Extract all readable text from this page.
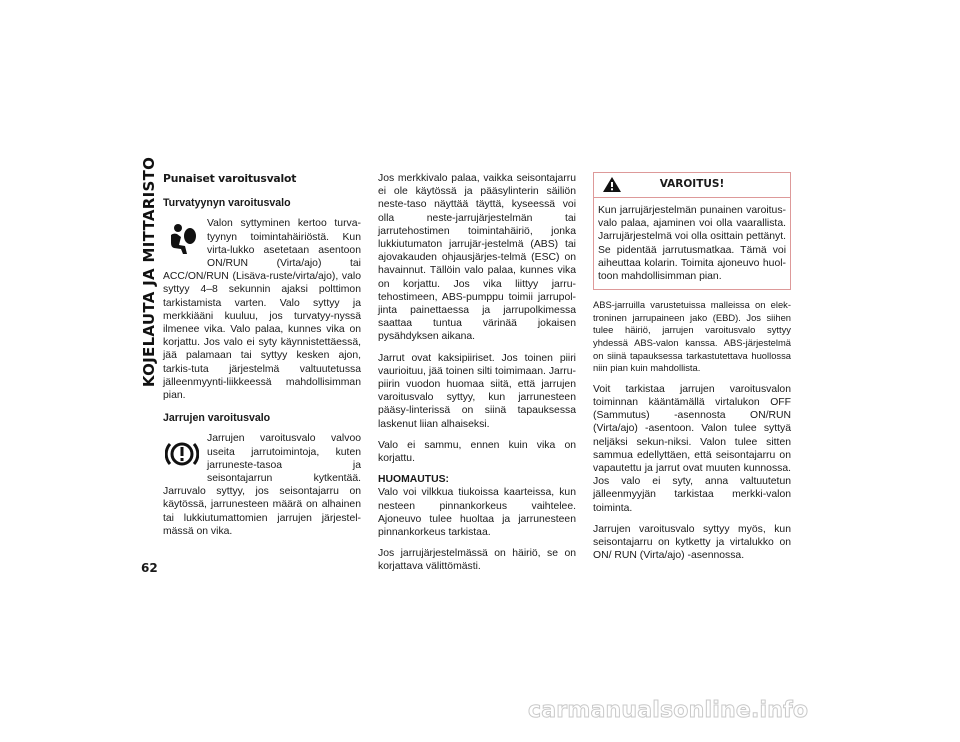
KOJELAUTA JA MITTARISTO
62
Punaiset varoitusvalot
Turvatyynyn varoitusvalo

Valon syttyminen kertoo turva-tyynyn toimintahäiriöstä. Kun virta-lukko asetetaan asentoon ON/RUN (Virta/ajo) tai ACC/ON/RUN (Lisäva-ruste/virta/ajo), valo syttyy 4–8 sekunnin ajaksi polttimon tarkistamista varten. Valo syttyy ja merkkiääni kuuluu, jos turvatyy-nyssä ilmenee vika. Valo palaa, kunnes vika on korjattu. Jos valo ei syty käynnistettäessä, jää palamaan tai syttyy kesken ajon, tarkis-tuta järjestelmä valtuutetussa jälleenmyynti-liikkeessä mahdollisimman pian.

Jarrujen varoitusvalo

Jarrujen varoitusvalo valvoo useita jarrutoimintoja, kuten jarruneste-tasoa ja seisontajarrun kytkentää. Jarruvalo syttyy, jos seisontajarru on käytössä, jarrunesteen määrä on alhainen tai lukkiutumattomien jarrujen järjestel-mässä on vika.

Jos merkkivalo palaa, vaikka seisontajarru ei ole käytössä ja pääsylinterin säiliön neste-taso näyttää täyttä, kyseessä voi olla neste-jarrujärjestelmän tai jarrutehostimen toimintahäiriö, jonka lukkiutumaton jarrujär-jestelmä (ABS) tai ajovakauden ohjausjärjes-telmä (ESC) on havainnut. Tällöin valo palaa, kunnes vika on korjattu. Jos vika liittyy jarru-tehostimeen, ABS-pumppu toimii jarrupol-jinta painettaessa ja jarrupolkimessa saattaa tuntua värinää jokaisen pysähdyksen aikana.

Jarrut ovat kaksipiiriset. Jos toinen piiri vaurioituu, jää toinen silti toimimaan. Jarru-piirin vuodon huomaa siitä, että jarrujen varoitusvalo syttyy, kun jarrunesteen pääsy-linterissä on siinä tapauksessa laskenut liian alhaiseksi.

Valo ei sammu, ennen kuin vika on korjattu.

HUOMAUTUS:
Valo voi vilkkua tiukoissa kaarteissa, kun nesteen pinnankorkeus vaihtelee. Ajoneuvo tulee huoltaa ja jarrunesteen pinnankorkeus tarkistaa.

Jos jarrujärjestelmässä on häiriö, se on korjattava välittömästi.

VAROITUS!
Kun jarrujärjestelmän punainen varoitus-valo palaa, ajaminen voi olla vaarallista. Jarrujärjestelmä voi olla osittain pettänyt. Se pidentää jarrutusmatkaa. Tämä voi aiheuttaa kolarin. Toimita ajoneuvo huol-toon mahdollisimman pian.

ABS-jarruilla varustetuissa malleissa on elek-troninen jarrupaineen jako (EBD). Jos siihen tulee häiriö, jarrujen varoitusvalo syttyy yhdessä ABS-valon kanssa. ABS-järjestelmä on siinä tapauksessa tarkastutettava huollossa niin pian kuin mahdollista.

Voit tarkistaa jarrujen varoitusvalon toiminnan kääntämällä virtalukon OFF (Sammutus) -asennosta ON/RUN (Virta/ajo) -asentoon. Valon tulee syttyä neljäksi sekun-niksi. Valon tulee sitten sammua edellyttäen, että seisontajarru on vapautettu ja jarrut ovat muuten kunnossa. Jos valo ei syty, anna valtuutetun jälleenmyyjän tarkistaa merkki-valon toiminta.

Jarrujen varoitusvalo syttyy myös, kun seisontajarru on kytketty ja virtalukko on ON/ RUN (Virta/ajo) -asennossa.

carmanualsonline.info
